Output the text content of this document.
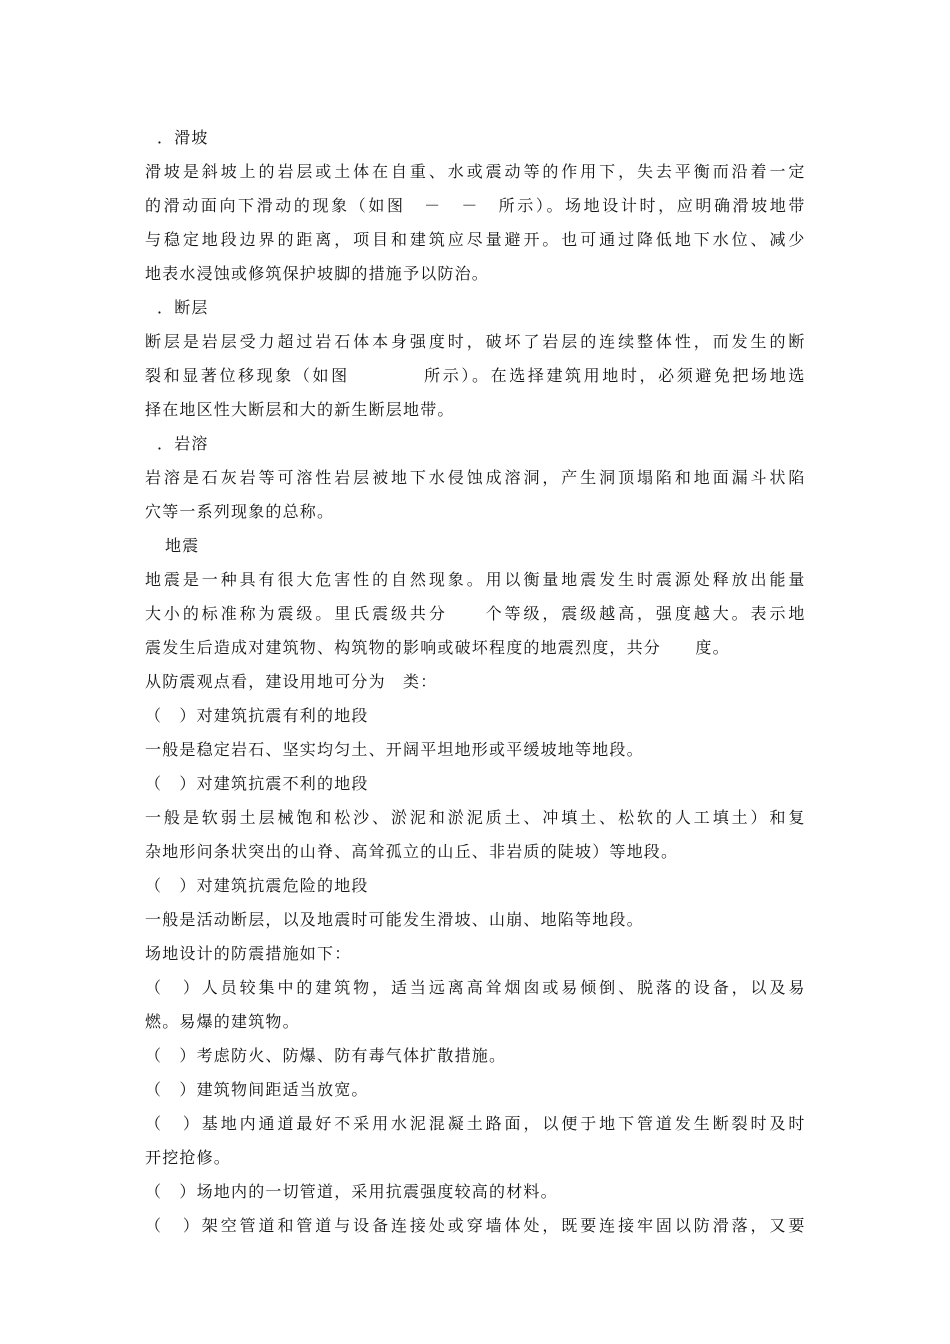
．滑坡
滑坡是斜坡上的岩层或土体在自重、水或震动等的作用下，失去平衡而沿着一定
的滑动面向下滑动的现象（如图　－　－　所示）。场地设计时，应明确滑坡地带
与稳定地段边界的距离，项目和建筑应尽量避开。也可通过降低地下水位、减少
地表水浸蚀或修筑保护坡脚的措施予以防治。
．断层
断层是岩层受力超过岩石体本身强度时，破坏了岩层的连续整体性，而发生的断
裂和显著位移现象（如图　　　　所示）。在选择建筑用地时，必须避免把场地选
择在地区性大断层和大的新生断层地带。
．岩溶
岩溶是石灰岩等可溶性岩层被地下水侵蚀成溶洞，产生洞顶塌陷和地面漏斗状陷
穴等一系列现象的总称。
地震
地震是一种具有很大危害性的自然现象。用以衡量地震发生时震源处释放出能量
大小的标准称为震级。里氏震级共分　　个等级，震级越高，强度越大。表示地
震发生后造成对建筑物、构筑物的影响或破坏程度的地震烈度，共分　　度。
从防震观点看，建设用地可分为　类：
（　）对建筑抗震有利的地段
一般是稳定岩石、坚实均匀土、开阔平坦地形或平缓坡地等地段。
（　）对建筑抗震不利的地段
一般是软弱土层械饱和松沙、淤泥和淤泥质土、冲填土、松软的人工填土）和复
杂地形问条状突出的山脊、高耸孤立的山丘、非岩质的陡坡）等地段。
（　）对建筑抗震危险的地段
一般是活动断层，以及地震时可能发生滑坡、山崩、地陷等地段。
场地设计的防震措施如下：
（　）人员较集中的建筑物，适当远离高耸烟囱或易倾倒、脱落的设备，以及易
燃。易爆的建筑物。
（　）考虑防火、防爆、防有毒气体扩散措施。
（　）建筑物间距适当放宽。
（　）基地内通道最好不采用水泥混凝土路面，以便于地下管道发生断裂时及时
开挖抢修。
（　）场地内的一切管道，采用抗震强度较高的材料。
（　）架空管道和管道与设备连接处或穿墙体处，既要连接牢固以防滑落，又要
